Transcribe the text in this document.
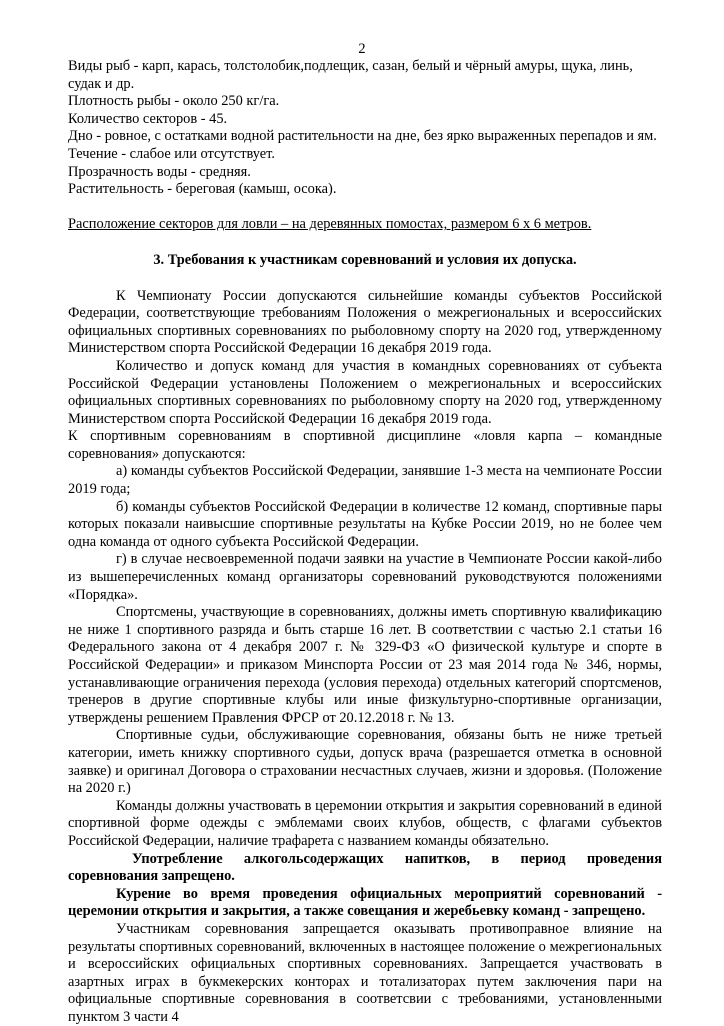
2

Виды рыб - карп, карась, толстолобик,подлещик, сазан, белый и чёрный амуры, щука, линь, судак и др.

Плотность рыбы - около 250 кг/га.

Количество секторов - 45.

Дно - ровное, с остатками водной растительности на дне, без ярко выраженных перепадов и ям.

Течение - слабое или отсутствует.

Прозрачность воды - средняя.

Растительность - береговая (камыш, осока).

Расположение секторов для ловли – на деревянных помостах, размером 6 х 6 метров.

3. Требования к участникам соревнований и условия их допуска.

К Чемпионату России допускаются сильнейшие команды субъектов Российской Федерации, соответствующие требованиям Положения о межрегиональных и всероссийских официальных спортивных соревнованиях по рыболовному спорту на 2020 год, утвержденному Министерством спорта Российской Федерации 16 декабря 2019 года.

Количество и допуск команд для участия в командных соревнованиях от субъекта Российской Федерации установлены Положением о межрегиональных и всероссийских официальных спортивных соревнованиях по рыболовному спорту на 2020 год, утвержденному Министерством спорта Российской Федерации 16 декабря 2019 года.

К спортивным соревнованиям в спортивной дисциплине «ловля карпа – командные соревнования» допускаются:

а) команды субъектов Российской Федерации, занявшие 1-3 места на чемпионате России 2019 года;

б) команды субъектов Российской Федерации в количестве 12 команд, спортивные пары которых показали наивысшие спортивные результаты на Кубке России 2019, но не более чем одна команда от одного субъекта Российской Федерации.

г) в случае несвоевременной подачи заявки на участие в Чемпионате России какой-либо из вышеперечисленных команд организаторы соревнований руководствуются положениями «Порядка».

Спортсмены, участвующие в соревнованиях, должны иметь спортивную квалификацию не ниже 1 спортивного разряда и быть старше 16 лет. В соответствии с частью 2.1 статьи 16 Федерального закона от 4 декабря 2007 г. № 329-ФЗ «О физической культуре и спорте в Российской Федерации» и приказом Минспорта России от 23 мая 2014 года № 346, нормы, устанавливающие ограничения перехода (условия перехода) отдельных категорий спортсменов, тренеров в другие спортивные клубы или иные физкультурно-спортивные организации, утверждены решением Правления ФРСР от 20.12.2018 г. № 13.

Спортивные судьи, обслуживающие соревнования, обязаны быть не ниже третьей категории, иметь книжку спортивного судьи, допуск врача (разрешается отметка в основной заявке) и оригинал Договора о страховании несчастных случаев, жизни и здоровья. (Положение на 2020 г.)

Команды должны участвовать в церемонии открытия и закрытия соревнований в единой спортивной форме одежды с эмблемами своих клубов, обществ, с флагами субъектов Российской Федерации, наличие трафарета с названием команды обязательно.

Употребление алкогольсодержащих напитков, в период проведения соревнования запрещено.

Курение во время проведения официальных мероприятий соревнований - церемонии открытия и закрытия, а также совещания и жеребьевку команд - запрещено.

Участникам соревнования запрещается оказывать противоправное влияние на результаты спортивных соревнований, включенных в настоящее положение о межрегиональных и всероссийских официальных спортивных соревнованиях. Запрещается участвовать в азартных играх в букмекерских конторах и тотализаторах путем заключения пари на официальные спортивные соревнования в соответсвии с требованиями, установленными пунктом 3 части 4
